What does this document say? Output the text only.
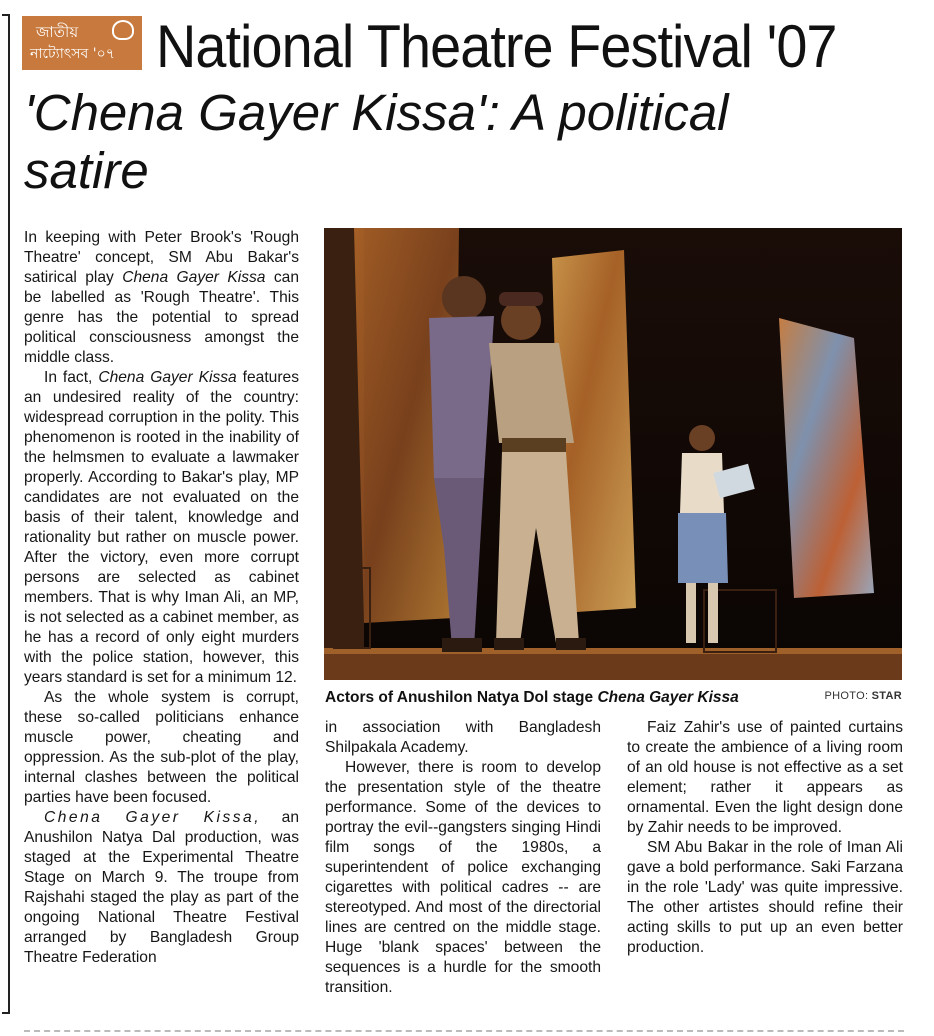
জাতীয়
নাট্যোৎসব '০৭ National Theatre Festival '07
'Chena Gayer Kissa': A political satire

In keeping with Peter Brook's 'Rough Theatre' concept, SM Abu Bakar's satirical play Chena Gayer Kissa can be labelled as 'Rough Theatre'. This genre has the potential to spread political consciousness amongst the middle class.

In fact, Chena Gayer Kissa features an undesired reality of the country: widespread corruption in the polity. This phenomenon is rooted in the inability of the helmsmen to evaluate a lawmaker properly. According to Bakar's play, MP candidates are not evaluated on the basis of their talent, knowledge and rationality but rather on muscle power. After the victory, even more corrupt persons are selected as cabinet members. That is why Iman Ali, an MP, is not selected as a cabinet member, as he has a record of only eight murders with the police station, however, this years standard is set for a minimum 12.

As the whole system is corrupt, these so-called politicians enhance muscle power, cheating and oppression. As the sub-plot of the play, internal clashes between the political parties have been focused.

Chena Gayer Kissa, an Anushilon Natya Dal production, was staged at the Experimental Theatre Stage on March 9. The troupe from Rajshahi staged the play as part of the ongoing National Theatre Festival arranged by Bangladesh Group Theatre Federation

Actors of Anushilon Natya Dol stage Chena Gayer Kissa	PHOTO: STAR

in association with Bangladesh Shilpakala Academy.

However, there is room to develop the presentation style of the theatre performance. Some of the devices to portray the evil--gangsters singing Hindi film songs of the 1980s, a superintendent of police exchanging cigarettes with political cadres -- are stereotyped. And most of the directorial lines are centred on the middle stage. Huge 'blank spaces' between the sequences is a hurdle for the smooth transition.

Faiz Zahir's use of painted curtains to create the ambience of a living room of an old house is not effective as a set element; rather it appears as ornamental. Even the light design done by Zahir needs to be improved.

SM Abu Bakar in the role of Iman Ali gave a bold performance. Saki Farzana in the role 'Lady' was quite impressive. The other artistes should refine their acting skills to put up an even better production.
